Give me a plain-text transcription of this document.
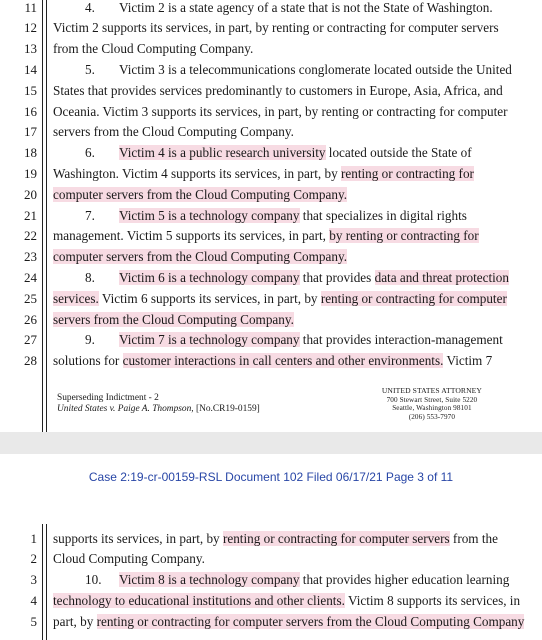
11	4. Victim 2 is a state agency of a state that is not the State of Washington.
12 Victim 2 supports its services, in part, by renting or contracting for computer servers
13 from the Cloud Computing Company.
14	5. Victim 3 is a telecommunications conglomerate located outside the United
15 States that provides services predominantly to customers in Europe, Asia, Africa, and
16 Oceania. Victim 3 supports its services, in part, by renting or contracting for computer
17 servers from the Cloud Computing Company.
18	6. Victim 4 is a public research university located outside the State of
19 Washington. Victim 4 supports its services, in part, by renting or contracting for
20 computer servers from the Cloud Computing Company.
21	7. Victim 5 is a technology company that specializes in digital rights
22 management. Victim 5 supports its services, in part, by renting or contracting for
23 computer servers from the Cloud Computing Company.
24	8. Victim 6 is a technology company that provides data and threat protection
25 services. Victim 6 supports its services, in part, by renting or contracting for computer
26 servers from the Cloud Computing Company.
27	9. Victim 7 is a technology company that provides interaction-management
28 solutions for customer interactions in call centers and other environments. Victim 7
Superseding Indictment - 2
United States v. Paige A. Thompson, [No.CR19-0159]
UNITED STATES ATTORNEY
700 Stewart Street, Suite 5220
Seattle, Washington 98101
(206) 553-7970
1 supports its services, in part, by renting or contracting for computer servers from the
2 Cloud Computing Company.
3	10. Victim 8 is a technology company that provides higher education learning
4 technology to educational institutions and other clients. Victim 8 supports its services, in
5 part, by renting or contracting for computer servers from the Cloud Computing Company
Case 2:19-cr-00159-RSL Document 102 Filed 06/17/21 Page 3 of 11
